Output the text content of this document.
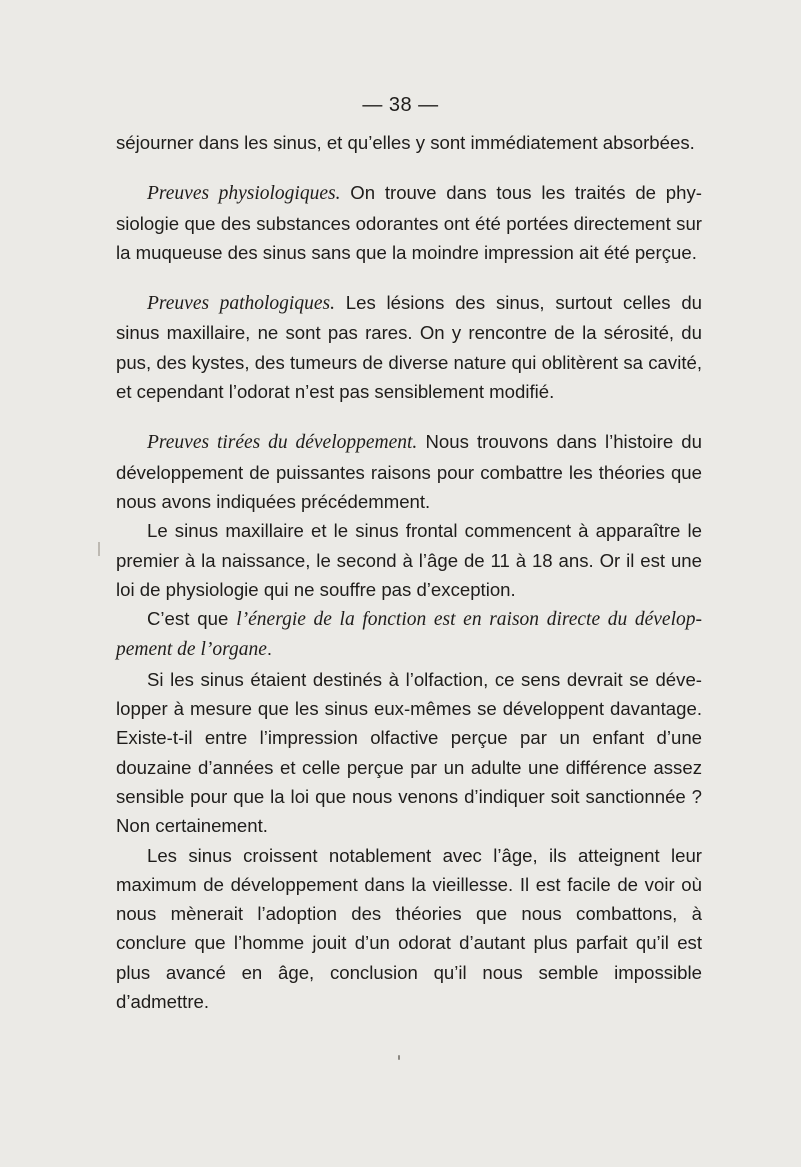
— 38 —

séjourner dans les sinus, et qu’elles y sont immédiatement absorbées.

Preuves physiologiques. On trouve dans tous les traités de physiologie que des substances odorantes ont été portées directement sur la muqueuse des sinus sans que la moindre impression ait été perçue.

Preuves pathologiques. Les lésions des sinus, surtout celles du sinus maxillaire, ne sont pas rares. On y rencontre de la sérosité, du pus, des kystes, des tumeurs de diverse nature qui oblitèrent sa cavité, et cependant l’odorat n’est pas sensiblement modifié.

Preuves tirées du développement. Nous trouvons dans l’histoire du développement de puissantes raisons pour combattre les théories que nous avons indiquées précédemment.

Le sinus maxillaire et le sinus frontal commencent à apparaître le premier à la naissance, le second à l’âge de 11 à 18 ans. Or il est une loi de physiologie qui ne souffre pas d’exception.

C’est que l’énergie de la fonction est en raison directe du développement de l’organe.

Si les sinus étaient destinés à l’olfaction, ce sens devrait se développer à mesure que les sinus eux-mêmes se développent davantage. Existe-t-il entre l’impression olfactive perçue par un enfant d’une douzaine d’années et celle perçue par un adulte une différence assez sensible pour que la loi que nous venons d’indiquer soit sanctionnée ? Non certainement.

Les sinus croissent notablement avec l’âge, ils atteignent leur maximum de développement dans la vieillesse. Il est facile de voir où nous mènerait l’adoption des théories que nous combattons, à conclure que l’homme jouit d’un odorat d’autant plus parfait qu’il est plus avancé en âge, conclusion qu’il nous semble impossible d’admettre.
